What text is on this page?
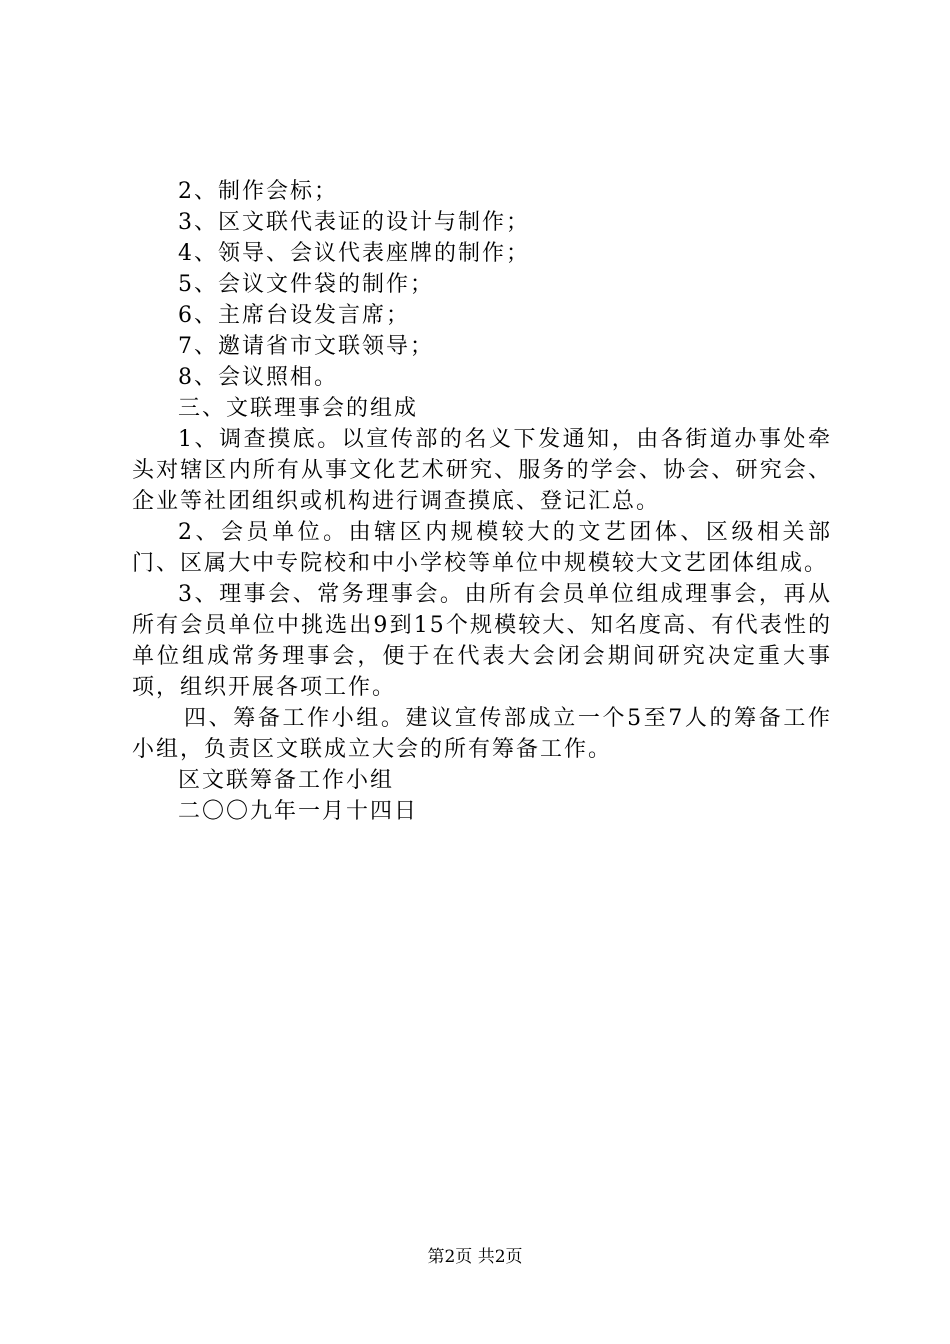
2、制作会标；

3、区文联代表证的设计与制作；

4、领导、会议代表座牌的制作；

5、会议文件袋的制作；

6、主席台设发言席；

7、邀请省市文联领导；

8、会议照相。

三、文联理事会的组成

1、调查摸底。以宣传部的名义下发通知，由各街道办事处牵头对辖区内所有从事文化艺术研究、服务的学会、协会、研究会、企业等社团组织或机构进行调查摸底、登记汇总。

2、会员单位。由辖区内规模较大的文艺团体、区级相关部门、区属大中专院校和中小学校等单位中规模较大文艺团体组成。

3、理事会、常务理事会。由所有会员单位组成理事会，再从所有会员单位中挑选出9到15个规模较大、知名度高、有代表性的单位组成常务理事会，便于在代表大会闭会期间研究决定重大事项，组织开展各项工作。

四、筹备工作小组。建议宣传部成立一个5至7人的筹备工作小组，负责区文联成立大会的所有筹备工作。

区文联筹备工作小组

二〇〇九年一月十四日

第2页 共2页
